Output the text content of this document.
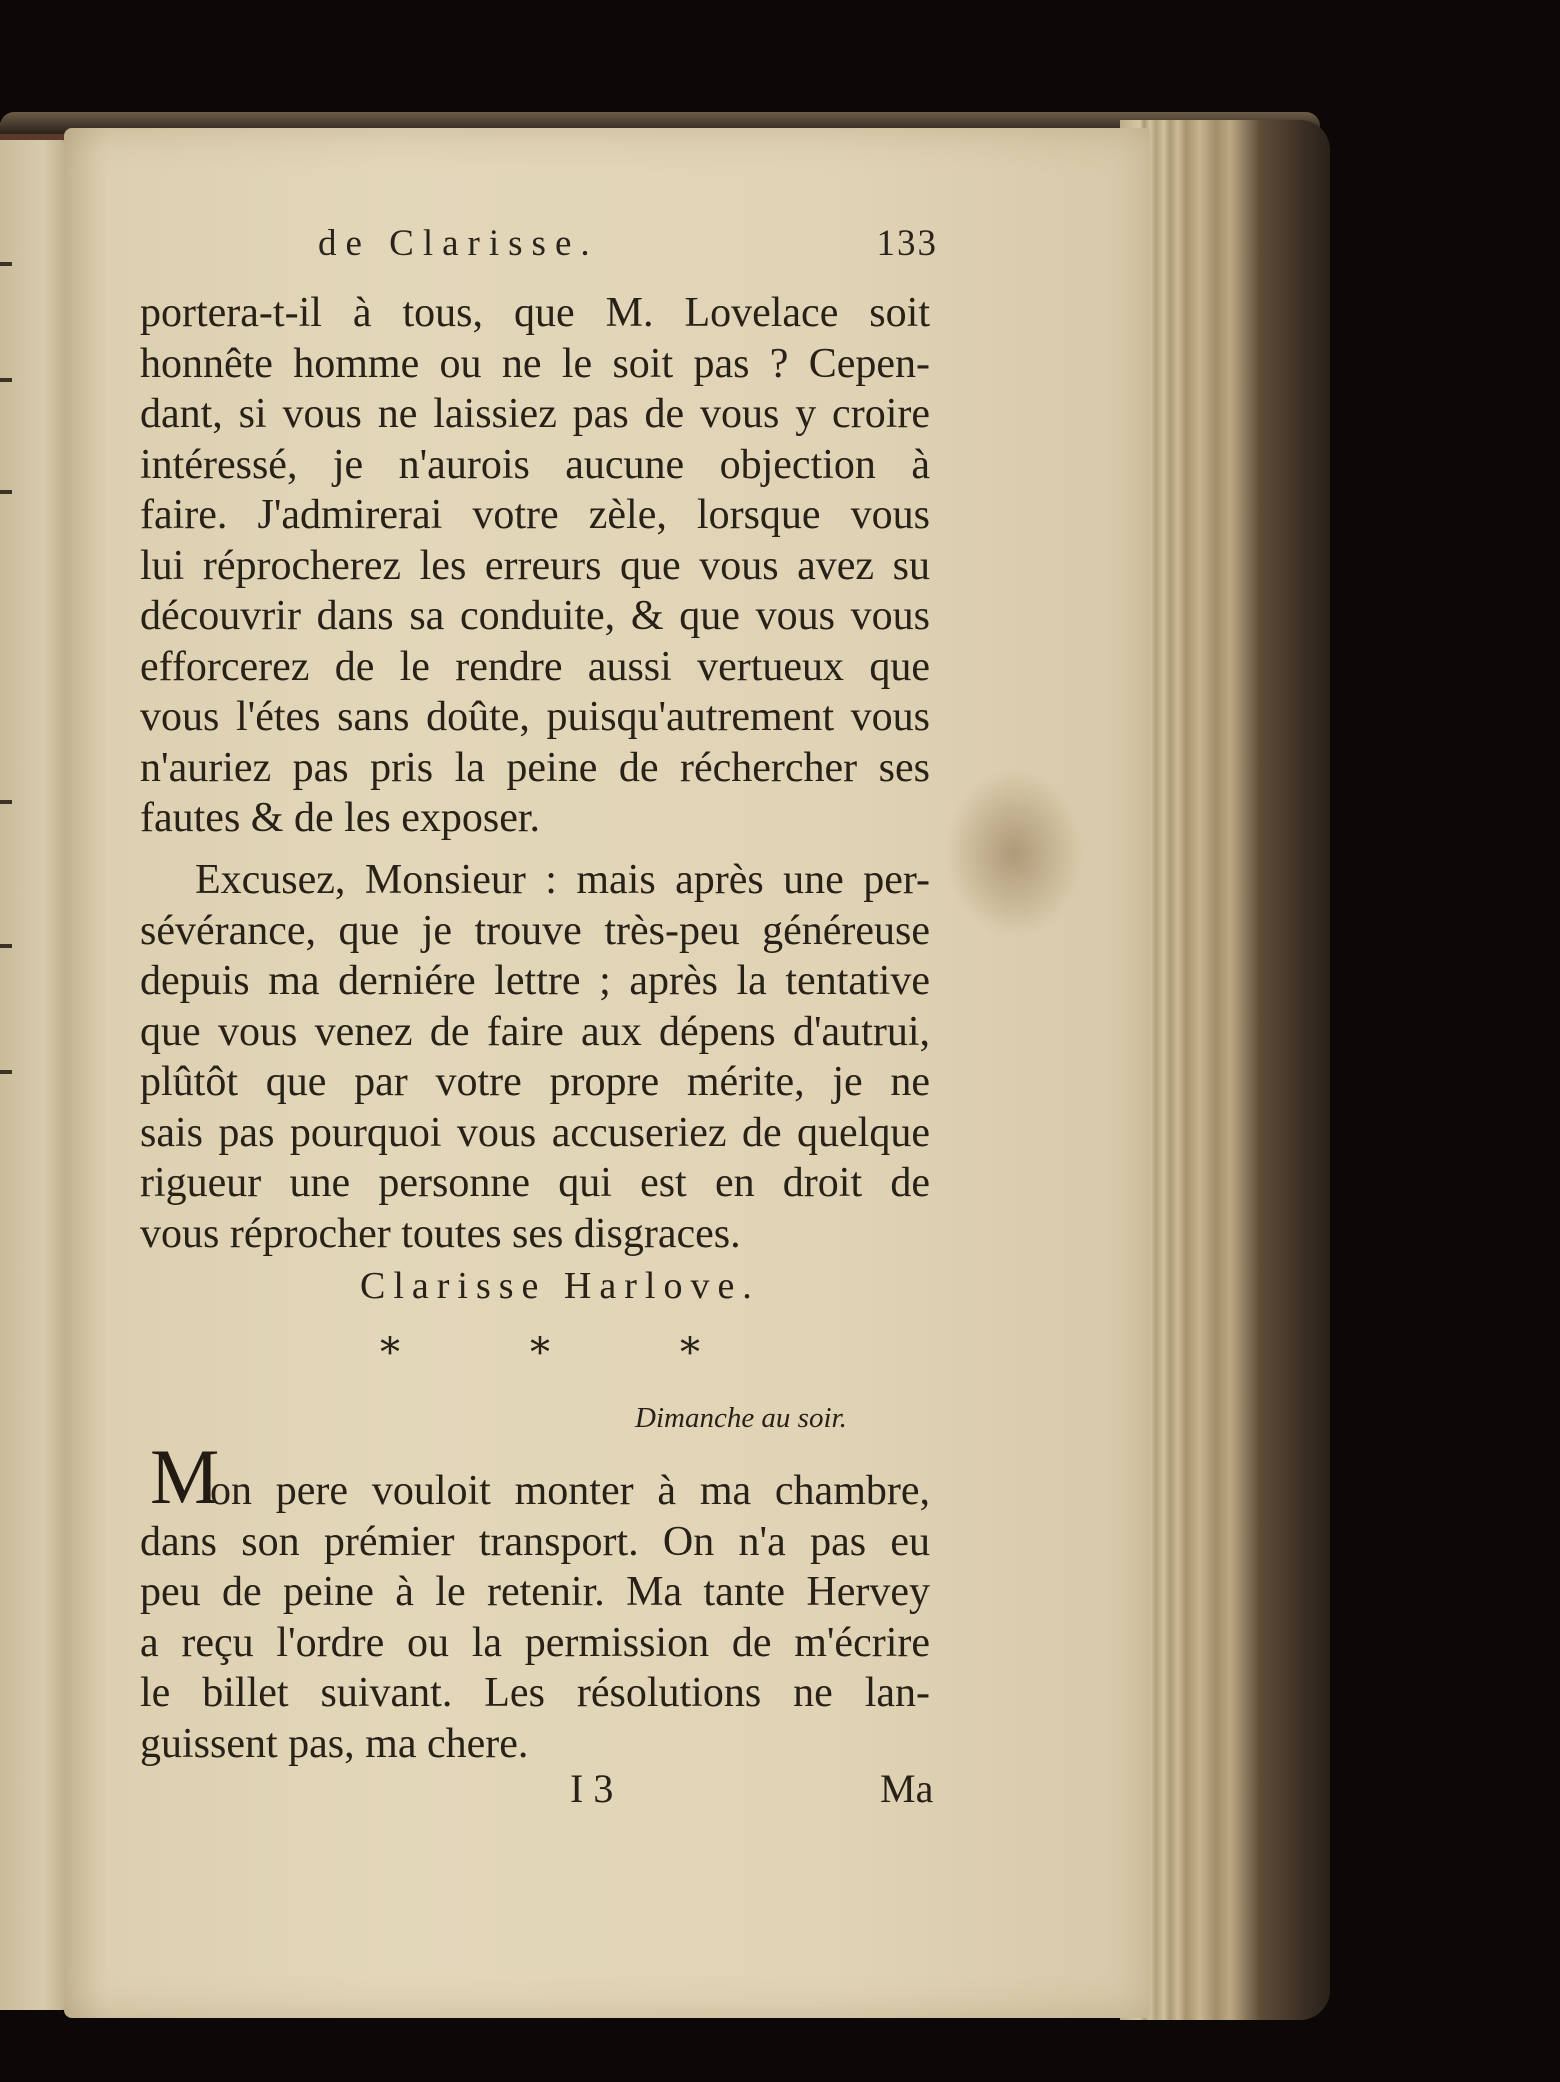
de Clarisse.	133
portera-t-il à tous, que M. Lovelace soit
honnête homme ou ne le soit pas ? Cepen-
dant, si vous ne laissiez pas de vous y croire
intéressé, je n'aurois aucune objection à
faire. J'admirerai votre zèle, lorsque vous
lui réprocherez les erreurs que vous avez su
découvrir dans sa conduite, & que vous vous
efforcerez de le rendre aussi vertueux que
vous l'étes sans doûte, puisqu'autrement vous
n'auriez pas pris la peine de réchercher ses
fautes & de les exposer.
Excusez, Monsieur : mais après une per-
sévérance, que je trouve très-peu généreuse
depuis ma derniére lettre ; après la tentative
que vous venez de faire aux dépens d'autrui,
plûtôt que par votre propre mérite, je ne
sais pas pourquoi vous accuseriez de quelque
rigueur une personne qui est en droit de
vous réprocher toutes ses disgraces.
Clarisse Harlove.
*	*	*
Dimanche au soir.
M
on pere vouloit monter à ma chambre,
dans son prémier transport. On n'a pas eu
peu de peine à le retenir. Ma tante Hervey
a reçu l'ordre ou la permission de m'écrire
le billet suivant. Les résolutions ne lan-
guissent pas, ma chere.
I 3	Ma
